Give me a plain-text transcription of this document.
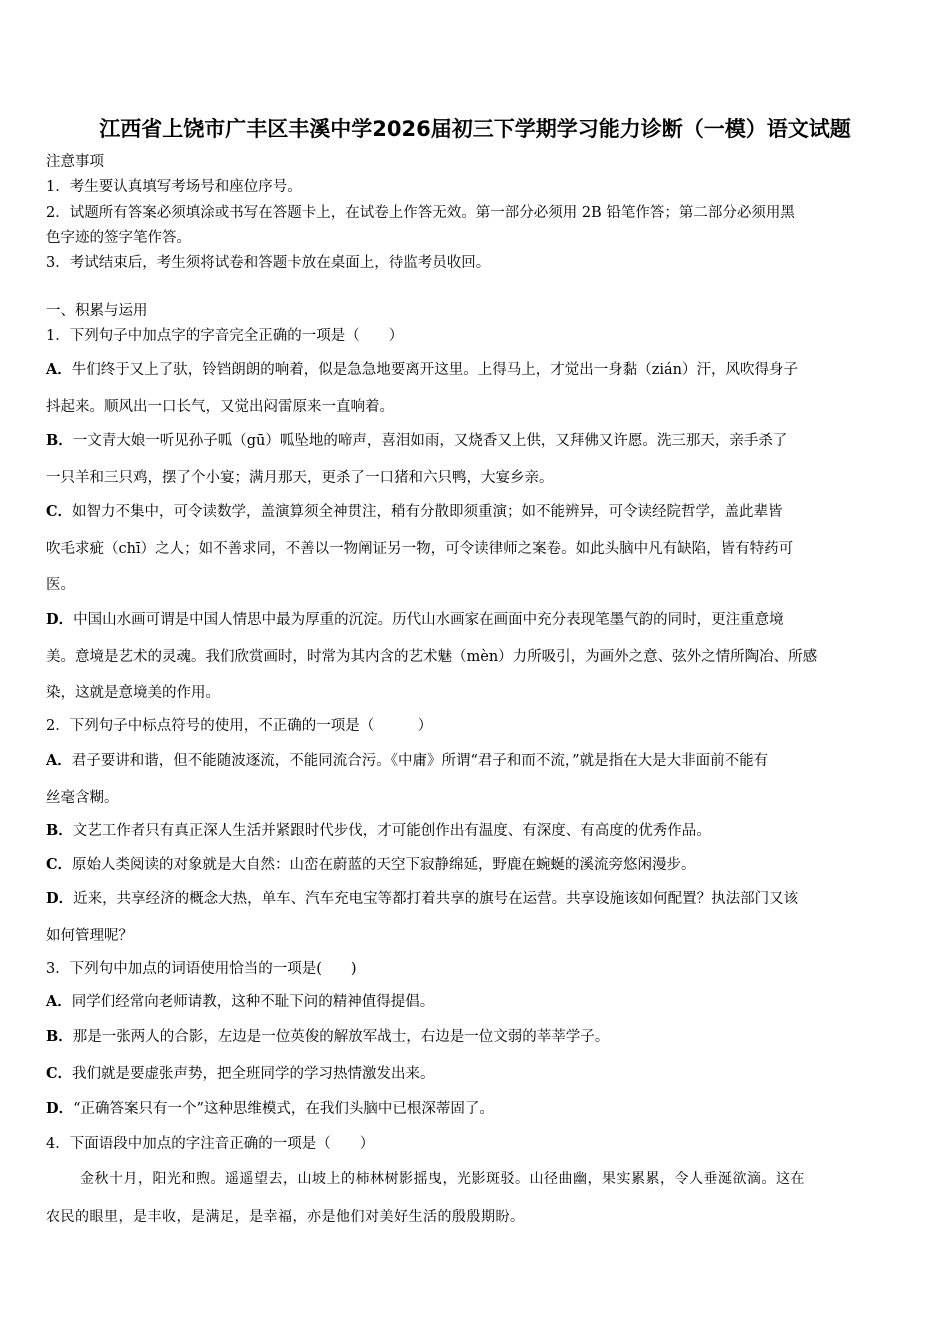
江西省上饶市广丰区丰溪中学2026届初三下学期学习能力诊断（一模）语文试题
注意事项
1．考生要认真填写考场号和座位序号。
2．试题所有答案必须填涂或书写在答题卡上，在试卷上作答无效。第一部分必须用 2B 铅笔作答；第二部分必须用黑
色字迹的签字笔作答。
3．考试结束后，考生须将试卷和答题卡放在桌面上，待监考员收回。
一、积累与运用
1．下列句子中加点字的字音完全正确的一项是（　　）
A．牛们终于又上了驮，铃铛朗朗的响着，似是急急地要离开这里。上得马上，才觉出一身黏（zián）汗，风吹得身子
抖起来。顺风出一口长气，又觉出闷雷原来一直响着。
B．一文青大娘一听见孙子呱（gū）呱坠地的啼声，喜泪如雨，又烧香又上供，又拜佛又许愿。洗三那天，亲手杀了
一只羊和三只鸡，摆了个小宴；满月那天，更杀了一口猪和六只鸭，大宴乡亲。
C．如智力不集中，可令读数学，盖演算须全神贯注，稍有分散即须重演；如不能辨异，可令读经院哲学，盖此辈皆
吹毛求疵（chī）之人；如不善求同，不善以一物阐证另一物，可令读律师之案卷。如此头脑中凡有缺陷，皆有特药可
医。
D．中国山水画可谓是中国人情思中最为厚重的沉淀。历代山水画家在画面中充分表现笔墨气韵的同时，更注重意境
美。意境是艺术的灵魂。我们欣赏画时，时常为其内含的艺术魅（mèn）力所吸引，为画外之意、弦外之情所陶冶、所感
染，这就是意境美的作用。
2．下列句子中标点符号的使用，不正确的一项是（　　　）
A．君子要讲和谐，但不能随波逐流，不能同流合污。《中庸》所谓“君子和而不流，”就是指在大是大非面前不能有
丝毫含糊。
B．文艺工作者只有真正深人生活并紧跟时代步伐，才可能创作出有温度、有深度、有高度的优秀作品。
C．原始人类阅读的对象就是大自然：山峦在蔚蓝的天空下寂静绵延，野鹿在蜿蜒的溪流旁悠闲漫步。
D．近来，共享经济的概念大热，单车、汽车充电宝等都打着共享的旗号在运营。共享设施该如何配置？执法部门又该
如何管理呢？
3．下列句中加点的词语使用恰当的一项是(　　)
A．同学们经常向老师请教，这种不耻下问的精神值得提倡。
B．那是一张两人的合影，左边是一位英俊的解放军战士，右边是一位文弱的莘莘学子。
C．我们就是要虚张声势，把全班同学的学习热情激发出来。
D．“正确答案只有一个”这种思维模式，在我们头脑中已根深蒂固了。
4．下面语段中加点的字注音正确的一项是（　　）
金秋十月，阳光和煦。遥遥望去，山坡上的柿林树影摇曳，光影斑驳。山径曲幽，果实累累，令人垂涎欲滴。这在
农民的眼里，是丰收，是满足，是幸福，亦是他们对美好生活的殷殷期盼。
